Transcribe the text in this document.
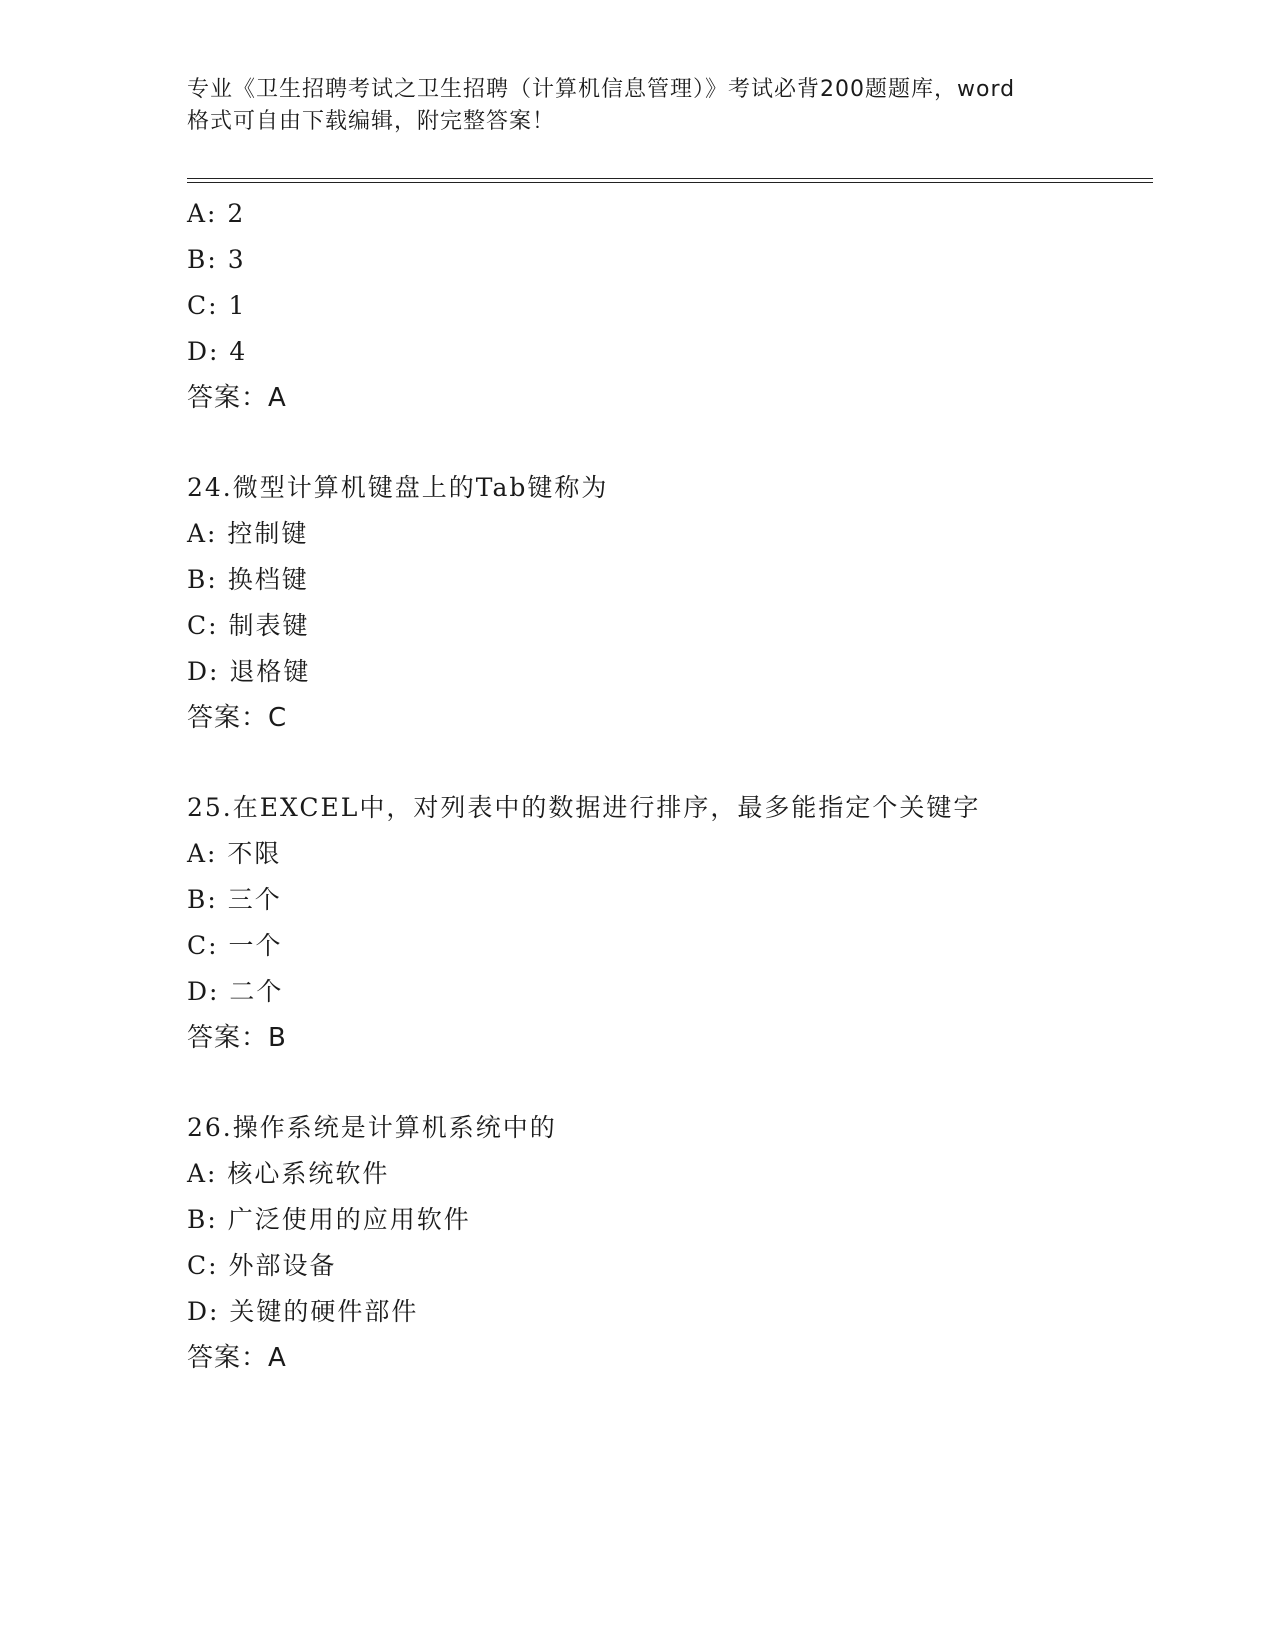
专业《卫生招聘考试之卫生招聘（计算机信息管理）》考试必背200题题库，word
格式可自由下载编辑，附完整答案！
A: 2
B: 3
C: 1
D: 4
答案：A
24.微型计算机键盘上的Tab键称为
A: 控制键
B: 换档键
C: 制表键
D: 退格键
答案：C
25.在EXCEL中，对列表中的数据进行排序，最多能指定个关键字
A: 不限
B: 三个
C: 一个
D: 二个
答案：B
26.操作系统是计算机系统中的
A: 核心系统软件
B: 广泛使用的应用软件
C: 外部设备
D: 关键的硬件部件
答案：A
